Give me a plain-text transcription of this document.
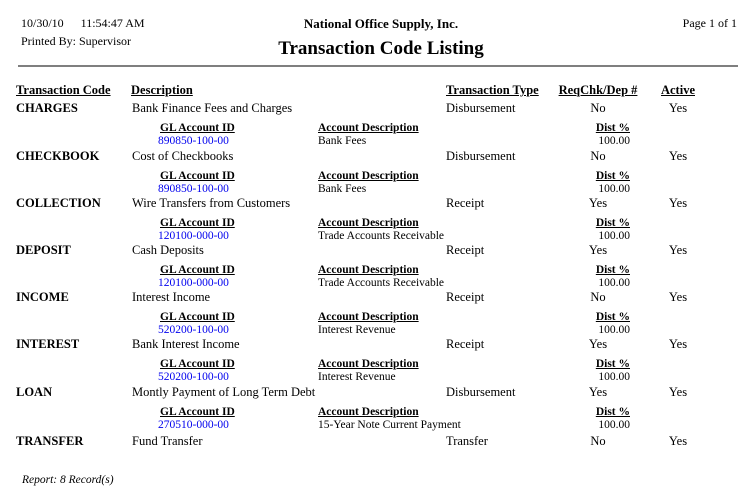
10/30/10 11:54:47 AM
Printed By: Supervisor
National Office Supply, Inc.
Transaction Code Listing
Page 1 of 1
Transaction Code Description	Transaction Type	ReqChk/Dep #	Active
CHARGES	Bank Finance Fees and Charges	Disbursement	No	Yes
GL Account ID	Account Description	Dist %
890850-100-00	Bank Fees	100.00
CHECKBOOK	Cost of Checkbooks	Disbursement	No	Yes
GL Account ID	Account Description	Dist %
890850-100-00	Bank Fees	100.00
COLLECTION	Wire Transfers from Customers	Receipt	Yes	Yes
GL Account ID	Account Description	Dist %
120100-000-00	Trade Accounts Receivable	100.00
DEPOSIT	Cash Deposits	Receipt	Yes	Yes
GL Account ID	Account Description	Dist %
120100-000-00	Trade Accounts Receivable	100.00
INCOME	Interest Income	Receipt	No	Yes
GL Account ID	Account Description	Dist %
520200-100-00	Interest Revenue	100.00
INTEREST	Bank Interest Income	Receipt	Yes	Yes
GL Account ID	Account Description	Dist %
520200-100-00	Interest Revenue	100.00
LOAN	Montly Payment of Long Term Debt	Disbursement	Yes	Yes
GL Account ID	Account Description	Dist %
270510-000-00	15-Year Note Current Payment	100.00
TRANSFER	Fund Transfer	Transfer	No	Yes
Report: 8 Record(s)
